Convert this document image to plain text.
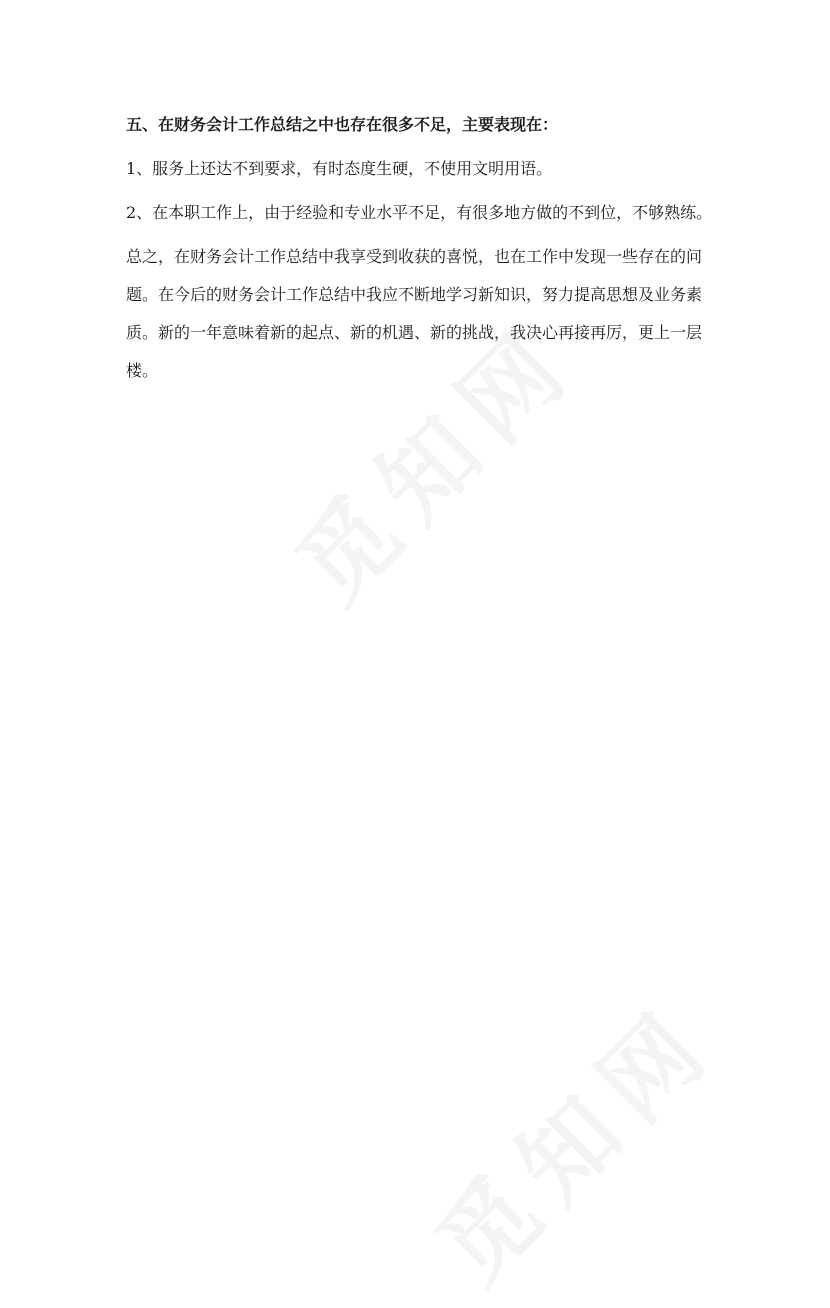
五、在财务会计工作总结之中也存在很多不足，主要表现在：

1、服务上还达不到要求，有时态度生硬，不使用文明用语。

2、在本职工作上，由于经验和专业水平不足，有很多地方做的不到位，不够熟练。

总之，在财务会计工作总结中我享受到收获的喜悦，也在工作中发现一些存在的问题。在今后的财务会计工作总结中我应不断地学习新知识，努力提高思想及业务素质。新的一年意味着新的起点、新的机遇、新的挑战，我决心再接再厉，更上一层楼。
